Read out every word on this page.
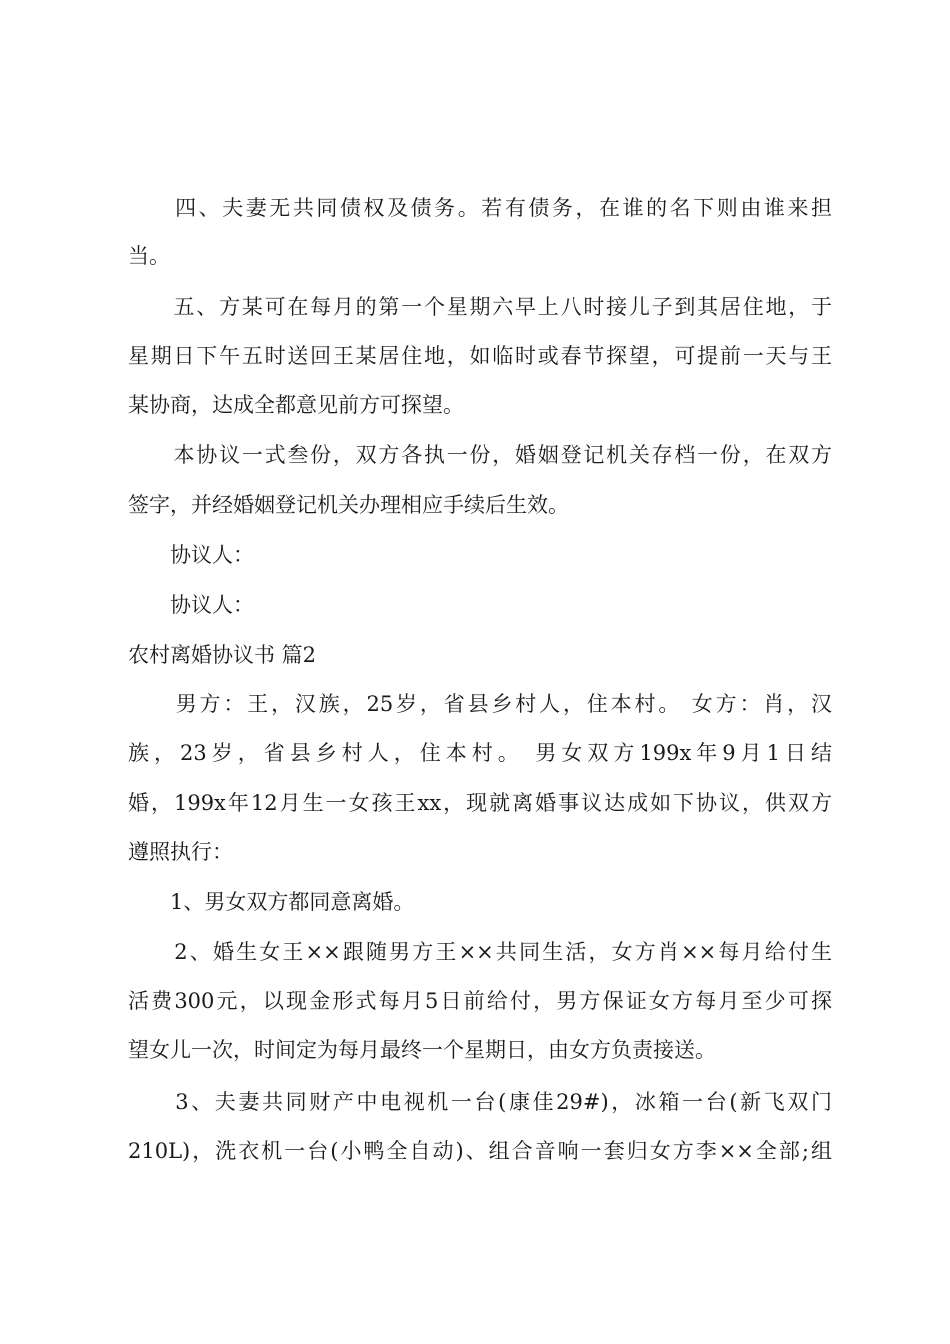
　　四、夫妻无共同债权及债务。若有债务，在谁的名下则由谁来担

当。

　　五、方某可在每月的第一个星期六早上八时接儿子到其居住地，于

星期日下午五时送回王某居住地，如临时或春节探望，可提前一天与王

某协商，达成全都意见前方可探望。

　　本协议一式叁份，双方各执一份，婚姻登记机关存档一份，在双方

签字，并经婚姻登记机关办理相应手续后生效。

　　协议人：

　　协议人：

农村离婚协议书 篇2

　　男方：王，汉族，25岁，省县乡村人，住本村。 女方：肖，汉

族，23岁，省县乡村人，住本村。 男女双方199x年9月1日结

婚，199x年12月生一女孩王xx，现就离婚事议达成如下协议，供双方

遵照执行：

　　1、男女双方都同意离婚。

　　2、婚生女王××跟随男方王××共同生活，女方肖××每月给付生

活费300元，以现金形式每月5日前给付，男方保证女方每月至少可探

望女儿一次，时间定为每月最终一个星期日，由女方负责接送。

　　3、夫妻共同财产中电视机一台(康佳29#)，冰箱一台(新飞双门

210L)，洗衣机一台(小鸭全自动)、组合音响一套归女方李××全部;组
